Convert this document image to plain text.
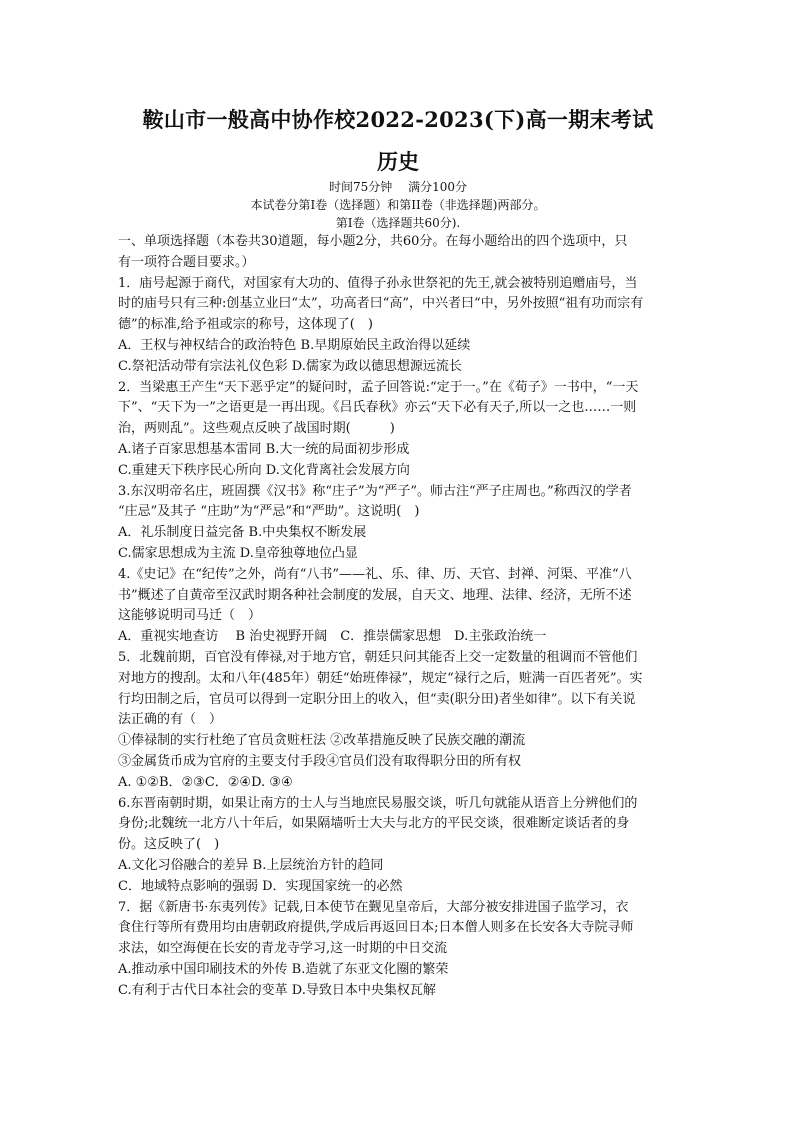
鞍山市一般高中协作校2022-2023(下)高一期末考试
历史
时间75分钟　 满分100分
本试卷分第I卷（选择题）和第II卷（非选择题)两部分。
第I卷（选择题共60分).
一、单项选择题（本卷共30道题，每小题2分，共60分。在每小题给出的四个选项中，只
有一项符合题目要求。）
1．庙号起源于商代，对国家有大功的、值得子孙永世祭祀的先王,就会被特别追赠庙号，当
时的庙号只有三种:创基立业曰“太”，功高者曰“高”，中兴者曰“中，另外按照“祖有功而宗有
德”的标准,给予祖或宗的称号，这体现了(　)
A．王权与神权结合的政治特色 B.早期原始民主政治得以延续
C.祭祀活动带有宗法礼仪色彩 D.儒家为政以德思想源远流长
2．当梁惠王产生“天下恶乎定”的疑问时，孟子回答说:“定于一。”在《荀子》一书中，“一天
下”、“天下为一”之语更是一再出现。《吕氏春秋》亦云“天下必有天子,所以一之也……一则
治，两则乱”。这些观点反映了战国时期(　　　)
A.诸子百家思想基本雷同 B.大一统的局面初步形成
C.重建天下秩序民心所向 D.文化背离社会发展方向
3.东汉明帝名庄，班固撰《汉书》称“庄子”为“严子”。师古注“严子庄周也。”称西汉的学者
“庄忌”及其子 “庄助”为“严忌”和“严助”。这说明(　)
A．礼乐制度日益完备 B.中央集权不断发展
C.儒家思想成为主流 D.皇帝独尊地位凸显
4.《史记》在“纪传”之外，尚有“八书”——礼、乐、律、历、天官、封禅、河渠、平准“八
书”概述了自黄帝至汉武时期各种社会制度的发展，自天文、地理、法律、经济，无所不述
这能够说明司马迁（　）
A．重视实地查访　 B 治史视野开阔　C．推崇儒家思想　D.主张政治统一
5．北魏前期，百官没有俸禄,对于地方官，朝廷只问其能否上交一定数量的租调而不管他们
对地方的搜刮。太和八年(485年）朝廷“始班俸禄”，规定“禄行之后，赃满一百匹者死”。实
行均田制之后，官员可以得到一定职分田上的收入，但“卖(职分田)者坐如律”。以下有关说
法正确的有（　）
①俸禄制的实行杜绝了官员贪赃枉法 ②改革措施反映了民族交融的潮流
③金属货币成为官府的主要支付手段④官员们没有取得职分田的所有权
A. ①②B．②③C．②④D. ③④
6.东晋南朝时期，如果让南方的士人与当地庶民易服交谈，听几句就能从语音上分辨他们的
身份;北魏统一北方八十年后，如果隔墙听士大夫与北方的平民交谈，很难断定谈话者的身
份。这反映了(　)
A.文化习俗融合的差异 B.上层统治方针的趋同
C．地域特点影响的强弱 D．实现国家统一的必然
7．据《新唐书·东夷列传》记载,日本使节在觐见皇帝后，大部分被安排进国子监学习，衣
食住行等所有费用均由唐朝政府提供,学成后再返回日本;日本僧人则多在长安各大寺院寻师
求法，如空海便在长安的青龙寺学习,这一时期的中日交流
A.推动承中国印刷技术的外传 B.造就了东亚文化圈的繁荣
C.有利于古代日本社会的变革 D.导致日本中央集权瓦解
